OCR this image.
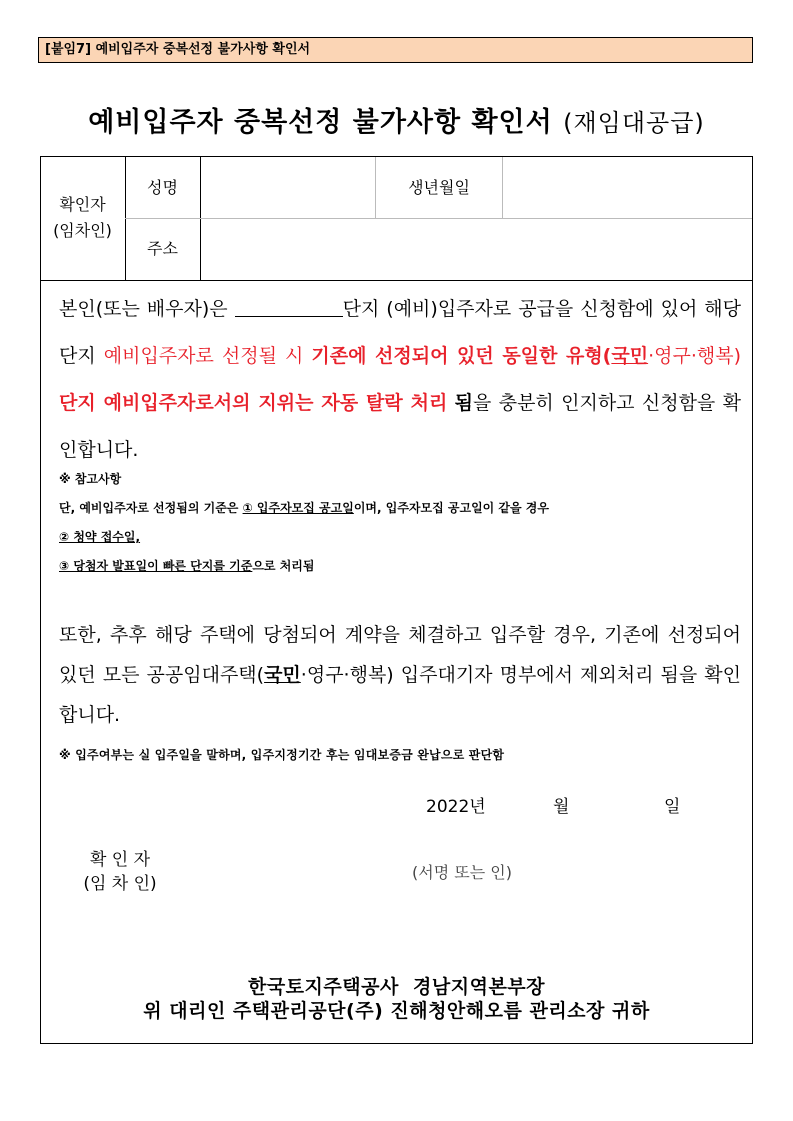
[붙임7] 예비입주자 중복선정 불가사항 확인서
예비입주자 중복선정 불가사항 확인서 (재임대공급)
확인자
(임차인)
성명	생년월일
주소
본인(또는 배우자)은	단지 (예비)입주자로 공급을 신청함에 있어 해당 단지 예비입주자로 선정될 시 기존에 선정되어 있던 동일한 유형(국민·영구·행복) 단지 예비입주자로서의 지위는 자동 탈락 처리 됨을 충분히 인지하고 신청함을 확인합니다.
※ 참고사항
단, 예비입주자로 선정됨의 기준은 ① 입주자모집 공고일이며, 입주자모집 공고일이 같을 경우
② 청약 접수일,
③ 당첨자 발표일이 빠른 단지를 기준으로 처리됨
또한, 추후 해당 주택에 당첨되어 계약을 체결하고 입주할 경우, 기존에 선정되어 있던 모든 공공임대주택(국민·영구·행복) 입주대기자 명부에서 제외처리 됨을 확인합니다.
※ 입주여부는 실 입주일을 말하며, 입주지정기간 후는 임대보증금 완납으로 판단함
2022년	월	일
확 인 자
(임 차 인)
(서명 또는 인)
한국토지주택공사  경남지역본부장
위 대리인 주택관리공단(주) 진해청안해오름 관리소장 귀하
